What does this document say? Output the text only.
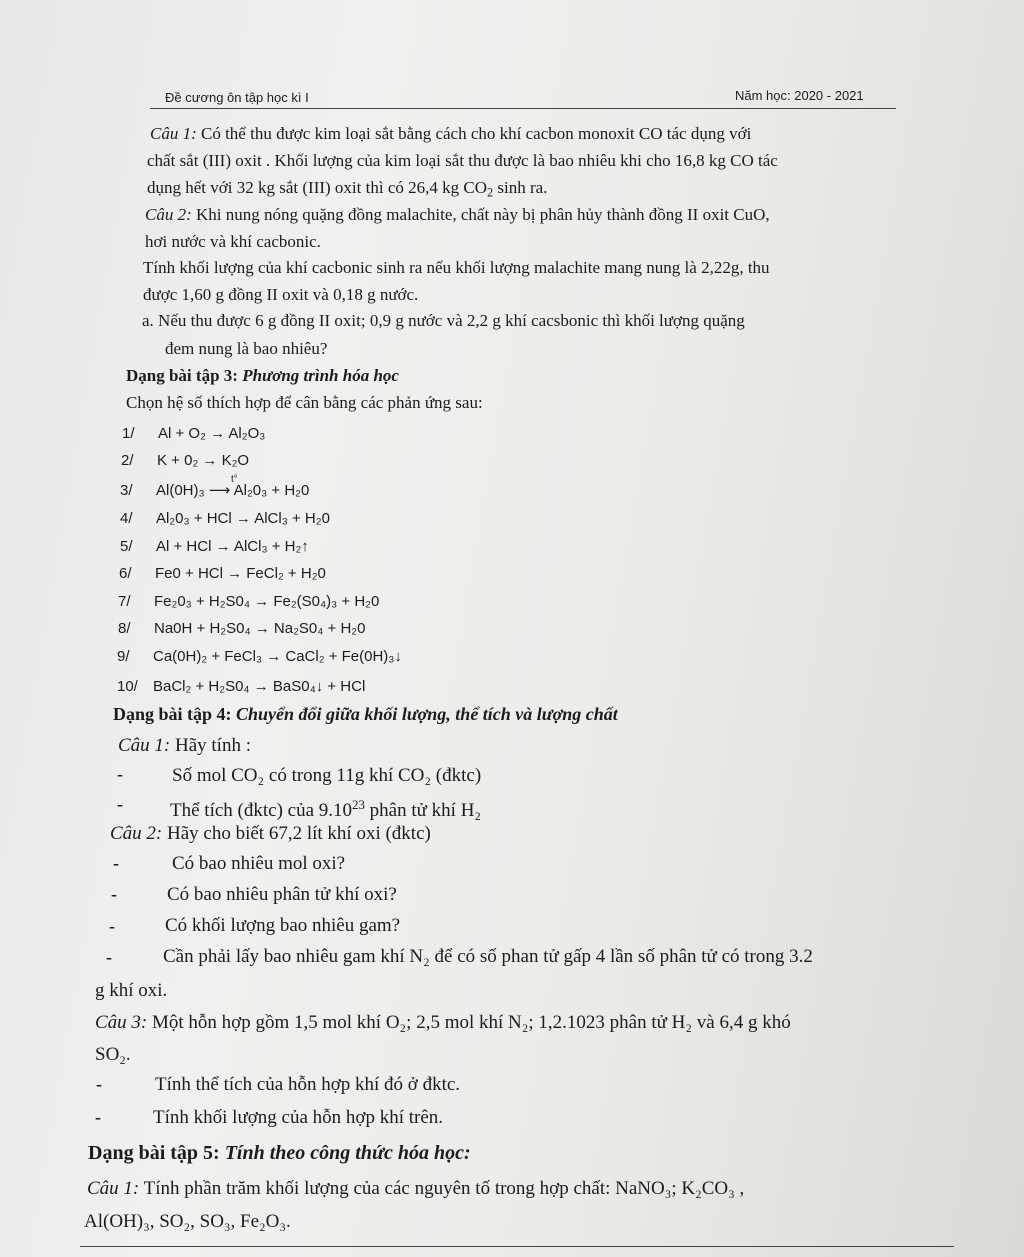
Đề cương ôn tập học kì I	Năm học: 2020 - 2021
Câu 1: Có thể thu được kim loại sắt bằng cách cho khí cacbon monoxit CO tác dụng với
chất sắt (III) oxit . Khối lượng của kim loại sắt thu được là bao nhiêu khi cho 16,8 kg CO tác
dụng hết với 32 kg sắt (III) oxit thì có 26,4 kg $CO_2$ sinh ra.
Câu 2: Khi nung nóng quặng đồng malachite, chất này bị phân hủy thành đồng II oxit CuO,
hơi nước và khí cacbonic.
Tính khối lượng của khí cacbonic sinh ra nếu khối lượng malachite mang nung là 2,22g, thu
được 1,60 g đồng II oxit và 0,18 g nước.
a. Nếu thu được 6 g đồng II oxit; 0,9 g nước và 2,2 g khí cacsbonic thì khối lượng quặng
đem nung là bao nhiêu?
Dạng bài tập 3: Phương trình hóa học
Chọn hệ số thích hợp để cân bằng các phản ứng sau:
1/ Al + O₂ → Al₂O₃
2/ K + 0₂ → K₂O
3/ Al(0H)₃ ⟶ Al₂0₃ + H₂0
t°
4/ Al₂0₃ + HCl → AlCl₃ + H₂0
5/ Al + HCl → AlCl₃ + H₂↑
6/ Fe0 + HCl → FeCl₂ + H₂0
7/ Fe₂0₃ + H₂S0₄ → Fe₂(S0₄)₃ + H₂0
8/ Na0H + H₂S0₄ → Na₂S0₄ + H₂0
9/ Ca(0H)₂ + FeCl₃ → CaCl₂ + Fe(0H)₃↓
10/ BaCl₂ + H₂S0₄ → BaS0₄↓ + HCl
Dạng bài tập 4: Chuyển đổi giữa khối lượng, thể tích và lượng chất
Câu 1: Hãy tính :
-	Số mol CO₂ có trong 11g khí CO₂ (đktc)
- Thể tích (đktc) của 9.10$^{23}$ phân tử khí H₂
Câu 2: Hãy cho biết 67,2 lít khí oxi (đktc)
-	Có bao nhiêu mol oxi?
-	Có bao nhiêu phân tử khí oxi?
-	Có khối lượng bao nhiêu gam?
-	Cần phải lấy bao nhiêu gam khí N₂ để có số phan tử gấp 4 lần số phân tử có trong 3.2
g khí oxi.
Câu 3: Một hỗn hợp gồm 1,5 mol khí O₂; 2,5 mol khí N₂; 1,2.1023 phân tử H₂ và 6,4 g khó
SO₂.
-	Tính thể tích của hỗn hợp khí đó ở đktc.
-	Tính khối lượng của hỗn hợp khí trên.
Dạng bài tập 5: Tính theo công thức hóa học:
Câu 1: Tính phần trăm khối lượng của các nguyên tố trong hợp chất: NaNO₃; K₂CO₃ ,
Al(OH)₃, SO₂, SO₃, Fe₂O₃.
